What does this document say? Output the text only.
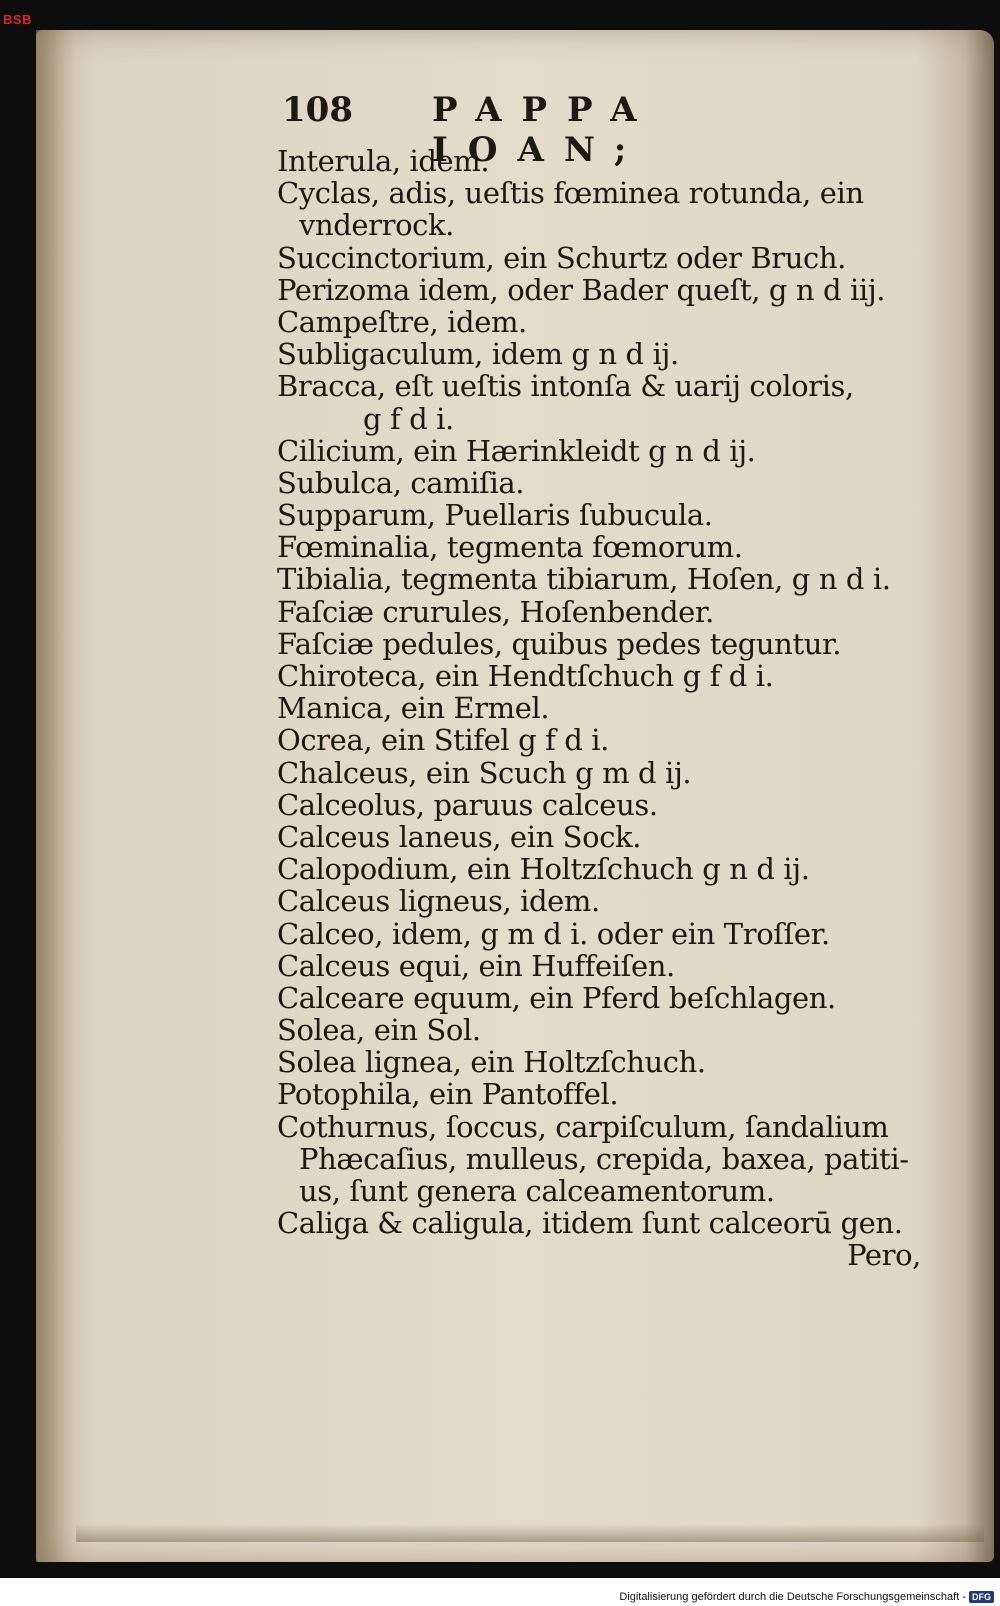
BSB
108 PAPPA IOAN;
Interula, idem.
Cyclas, adis, ueſtis fœminea rotunda, ein
vnderrock.
Succinctorium, ein Schurtz oder Bruch.
Perizoma idem, oder Bader queſt, g n d iij.
Campeſtre, idem.
Subligaculum, idem g n d ij.
Bracca, eſt ueſtis intonſa & uarij coloris,
g f d i.
Cilicium, ein Hærinkleidt g n d ij.
Subulca, camiſia.
Supparum, Puellaris ſubucula.
Fœminalia, tegmenta fœmorum.
Tibialia, tegmenta tibiarum, Hoſen, g n d i.
Faſciæ crurules, Hoſenbender.
Faſciæ pedules, quibus pedes teguntur.
Chiroteca, ein Hendtſchuch g f d i.
Manica, ein Ermel.
Ocrea, ein Stifel g f d i.
Chalceus, ein Scuch g m d ij.
Calceolus, paruus calceus.
Calceus laneus, ein Sock.
Calopodium, ein Holtzſchuch g n d ij.
Calceus ligneus, idem.
Calceo, idem, g m d i. oder ein Troſſer.
Calceus equi, ein Huffeiſen.
Calceare equum, ein Pferd beſchlagen.
Solea, ein Sol.
Solea lignea, ein Holtzſchuch.
Potophila, ein Pantoffel.
Cothurnus, ſoccus, carpiſculum, ſandalium
Phæcaſius, mulleus, crepida, baxea, patiti-
us, ſunt genera calceamentorum.
Caliga & caligula, itidem ſunt calceorū gen.
Pero,
Digitalisierung gefördert durch die Deutsche Forschungsgemeinschaft - DFG
